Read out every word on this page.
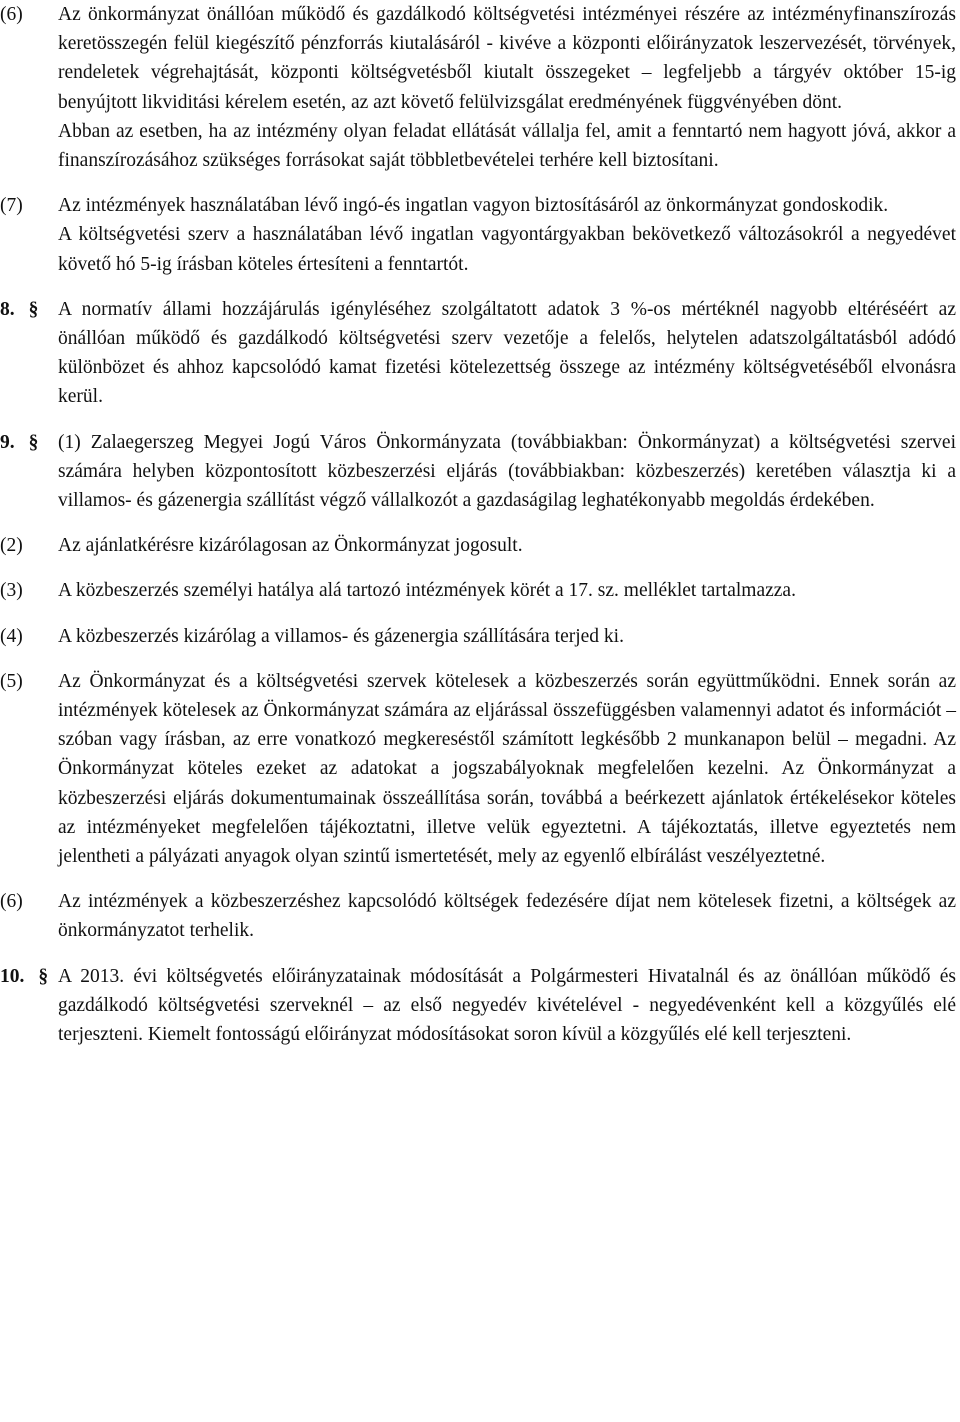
(6) Az önkormányzat önállóan működő és gazdálkodó költségvetési intézményei részére az intézményfinanszírozás keretösszegén felül kiegészítő pénzforrás kiutalásáról - kivéve a központi előirányzatok leszervezését, törvények, rendeletek végrehajtását, központi költségvetésből kiutalt összegeket – legfeljebb a tárgyév október 15-ig benyújtott likviditási kérelem esetén, az azt követő felülvizsgálat eredményének függvényében dönt.

Abban az esetben, ha az intézmény olyan feladat ellátását vállalja fel, amit a fenntartó nem hagyott jóvá, akkor a finanszírozásához szükséges forrásokat saját többletbevételei terhére kell biztosítani.

(7) Az intézmények használatában lévő ingó-és ingatlan vagyon biztosításáról az önkormányzat gondoskodik.

A költségvetési szerv a használatában lévő ingatlan vagyontárgyakban bekövetkező változásokról a negyedévet követő hó 5-ig írásban köteles értesíteni a fenntartót.

8. § A normatív állami hozzájárulás igényléséhez szolgáltatott adatok 3 %-os mértéknél nagyobb eltéréséért az önállóan működő és gazdálkodó költségvetési szerv vezetője a felelős, helytelen adatszolgáltatásból adódó különbözet és ahhoz kapcsolódó kamat fizetési kötelezettség összege az intézmény költségvetéséből elvonásra kerül.

9. § (1) Zalaegerszeg Megyei Jogú Város Önkormányzata (továbbiakban: Önkormányzat) a költségvetési szervei számára helyben központosított közbeszerzési eljárás (továbbiakban: közbeszerzés) keretében választja ki a villamos- és gázenergia szállítást végző vállalkozót a gazdaságilag leghatékonyabb megoldás érdekében.

(2) Az ajánlatkérésre kizárólagosan az Önkormányzat jogosult.

(3) A közbeszerzés személyi hatálya alá tartozó intézmények körét a 17. sz. melléklet tartalmazza.

(4) A közbeszerzés kizárólag a villamos- és gázenergia szállítására terjed ki.

(5) Az Önkormányzat és a költségvetési szervek kötelesek a közbeszerzés során együttműködni. Ennek során az intézmények kötelesek az Önkormányzat számára az eljárással összefüggésben valamennyi adatot és információt – szóban vagy írásban, az erre vonatkozó megkereséstől számított legkésőbb 2 munkanapon belül – megadni. Az Önkormányzat köteles ezeket az adatokat a jogszabályoknak megfelelően kezelni. Az Önkormányzat a közbeszerzési eljárás dokumentumainak összeállítása során, továbbá a beérkezett ajánlatok értékelésekor köteles az intézményeket megfelelően tájékoztatni, illetve velük egyeztetni. A tájékoztatás, illetve egyeztetés nem jelentheti a pályázati anyagok olyan szintű ismertetését, mely az egyenlő elbírálást veszélyeztetné.

(6) Az intézmények a közbeszerzéshez kapcsolódó költségek fedezésére díjat nem kötelesek fizetni, a költségek az önkormányzatot terhelik.

10. § A 2013. évi költségvetés előirányzatainak módosítását a Polgármesteri Hivatalnál és az önállóan működő és gazdálkodó költségvetési szerveknél – az első negyedév kivételével - negyedévenként kell a közgyűlés elé terjeszteni. Kiemelt fontosságú előirányzat módosításokat soron kívül a közgyűlés elé kell terjeszteni.
